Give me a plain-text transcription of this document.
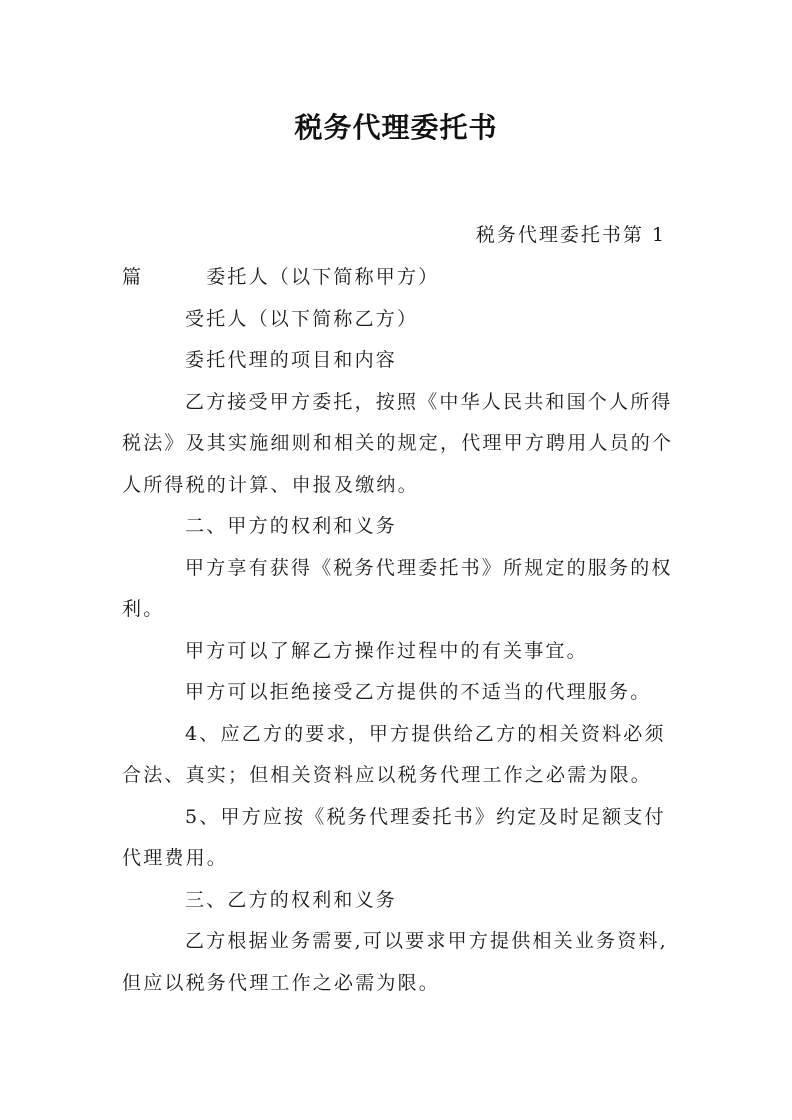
税务代理委托书
税务代理委托书第 1
篇	委托人（以下简称甲方）
受托人（以下简称乙方）
委托代理的项目和内容
乙方接受甲方委托，按照《中华人民共和国个人所得
税法》及其实施细则和相关的规定，代理甲方聘用人员的个
人所得税的计算、申报及缴纳。
二、甲方的权利和义务
甲方享有获得《税务代理委托书》所规定的服务的权
利。
甲方可以了解乙方操作过程中的有关事宜。
甲方可以拒绝接受乙方提供的不适当的代理服务。
4、应乙方的要求，甲方提供给乙方的相关资料必须
合法、真实；但相关资料应以税务代理工作之必需为限。
5、甲方应按《税务代理委托书》约定及时足额支付
代理费用。
三、乙方的权利和义务
乙方根据业务需要,可以要求甲方提供相关业务资料,
但应以税务代理工作之必需为限。
